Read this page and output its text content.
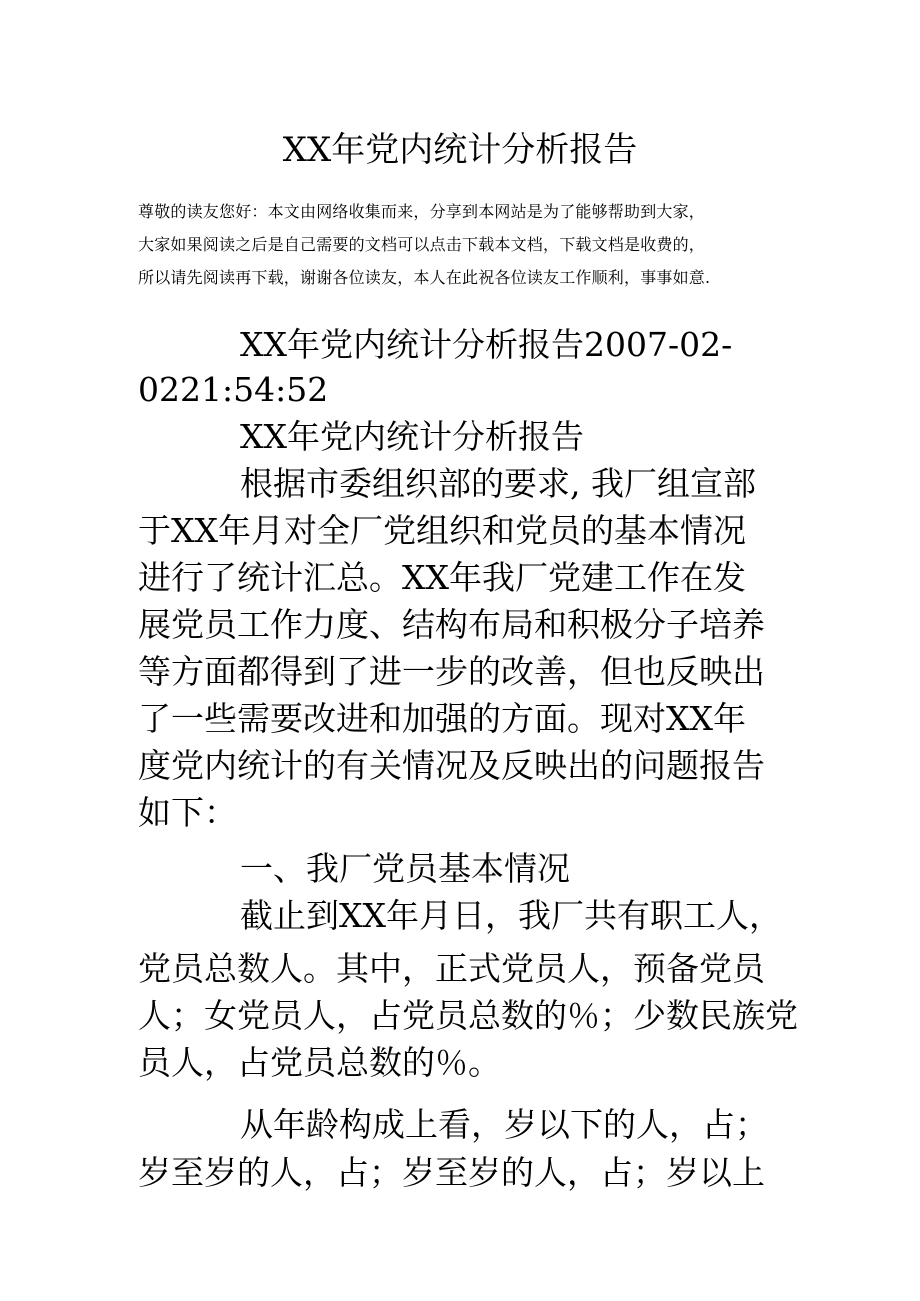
XX年党内统计分析报告
尊敬的读友您好：本文由网络收集而来，分享到本网站是为了能够帮助到大家，
大家如果阅读之后是自己需要的文档可以点击下载本文档，下载文档是收费的，
所以请先阅读再下载，谢谢各位读友，本人在此祝各位读友工作顺利，事事如意.
XX年党内统计分析报告2007-02-
0221:54:52
XX年党内统计分析报告
根据市委组织部的要求, 我厂组宣部
于XX年月对全厂党组织和党员的基本情况
进行了统计汇总。XX年我厂党建工作在发
展党员工作力度、结构布局和积极分子培养
等方面都得到了进一步的改善，但也反映出
了一些需要改进和加强的方面。现对XX年
度党内统计的有关情况及反映出的问题报告
如下：
一、我厂党员基本情况
截止到XX年月日，我厂共有职工人，
党员总数人。其中，正式党员人，预备党员
人；女党员人，占党员总数的％；少数民族党
员人，占党员总数的％。
从年龄构成上看，岁以下的人，占；
岁至岁的人，占；岁至岁的人，占；岁以上
